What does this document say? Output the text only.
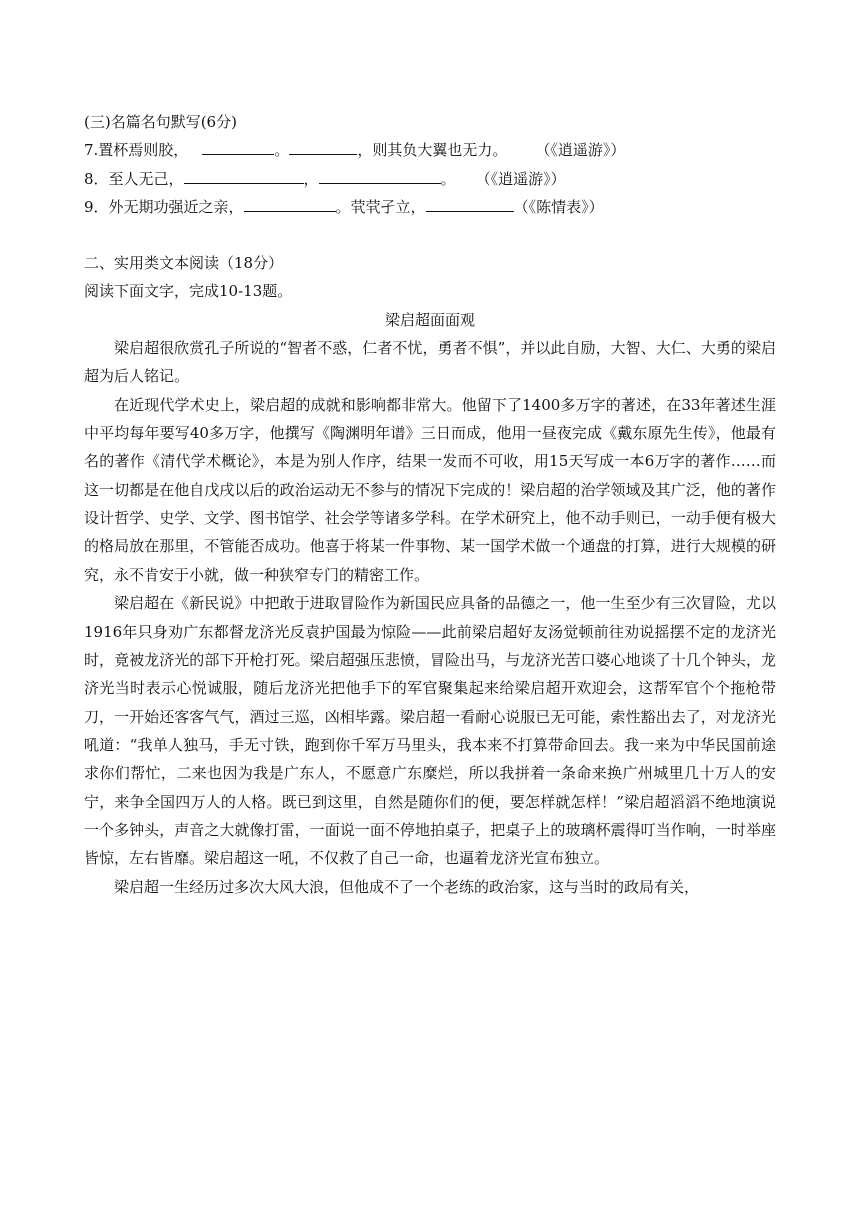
(三)名篇名句默写(6分)
7.置杯焉则胶，	。	，则其负大翼也无力。 （《逍遥游》）
8．至人无己，	，	。 （《逍遥游》）
9．外无期功强近之亲，	。茕茕孑立，	（《陈情表》）
二、实用类文本阅读（18分）
阅读下面文字，完成10-13题。
梁启超面面观

梁启超很欣赏孔子所说的“智者不惑，仁者不忧，勇者不惧”，并以此自励，大智、大仁、大勇的梁启超为后人铭记。

在近现代学术史上，梁启超的成就和影响都非常大。他留下了1400多万字的著述，在33年著述生涯中平均每年要写40多万字，他撰写《陶渊明年谱》三日而成，他用一昼夜完成《戴东原先生传》，他最有名的著作《清代学术概论》，本是为别人作序，结果一发而不可收，用15天写成一本6万字的著作……而这一切都是在他自戊戌以后的政治运动无不参与的情况下完成的！梁启超的治学领域及其广泛，他的著作设计哲学、史学、文学、图书馆学、社会学等诸多学科。在学术研究上，他不动手则已，一动手便有极大的格局放在那里，不管能否成功。他喜于将某一件事物、某一国学术做一个通盘的打算，进行大规模的研究，永不肯安于小就，做一种狭窄专门的精密工作。

梁启超在《新民说》中把敢于进取冒险作为新国民应具备的品德之一，他一生至少有三次冒险，尤以1916年只身劝广东都督龙济光反袁护国最为惊险——此前梁启超好友汤觉顿前往劝说摇摆不定的龙济光时，竟被龙济光的部下开枪打死。梁启超强压悲愤，冒险出马，与龙济光苦口婆心地谈了十几个钟头，龙济光当时表示心悦诚服，随后龙济光把他手下的军官聚集起来给梁启超开欢迎会，这帮军官个个拖枪带刀，一开始还客客气气，酒过三巡，凶相毕露。梁启超一看耐心说服已无可能，索性豁出去了，对龙济光吼道：“我单人独马，手无寸铁，跑到你千军万马里头，我本来不打算带命回去。我一来为中华民国前途求你们帮忙，二来也因为我是广东人，不愿意广东糜烂，所以我拼着一条命来换广州城里几十万人的安宁，来争全国四万人的人格。既已到这里，自然是随你们的便，要怎样就怎样！”梁启超滔滔不绝地演说一个多钟头，声音之大就像打雷，一面说一面不停地拍桌子，把桌子上的玻璃杯震得叮当作响，一时举座皆惊，左右皆靡。梁启超这一吼，不仅救了自己一命，也逼着龙济光宣布独立。

梁启超一生经历过多次大风大浪，但他成不了一个老练的政治家，这与当时的政局有关，
